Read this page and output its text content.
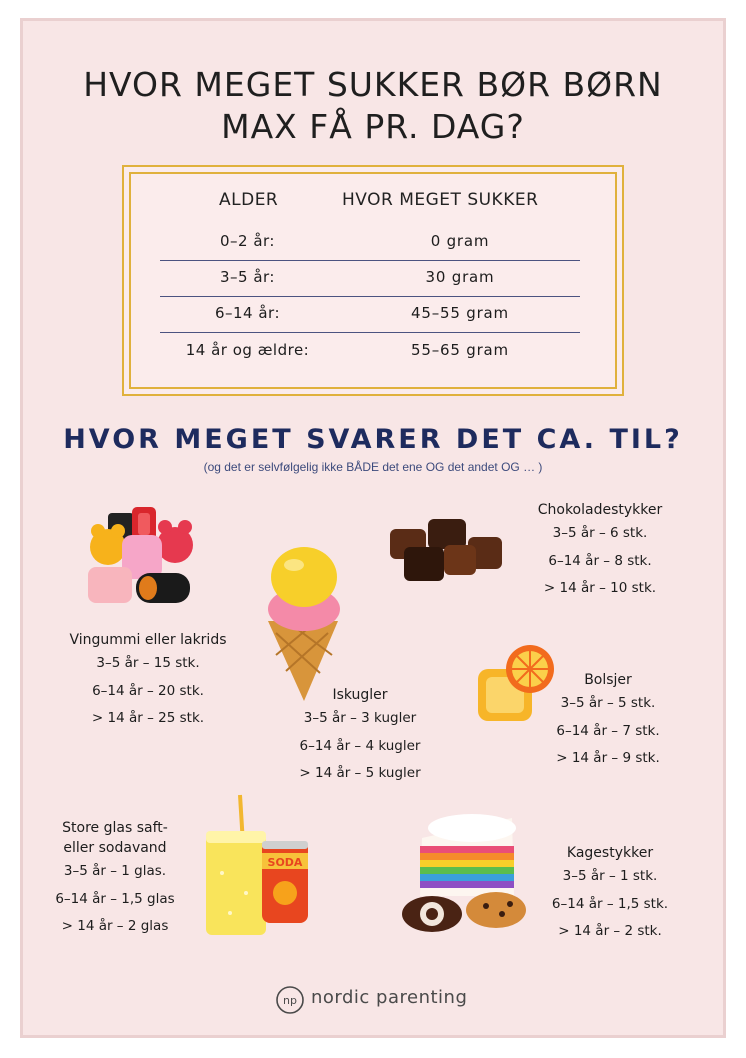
HVOR MEGET SUKKER BØR BØRN
MAX FÅ PR. DAG?
ALDER	HVOR MEGET SUKKER
0–2 år:	0 gram
3–5 år:	30 gram
6–14 år:	45–55 gram
14 år og ældre:	55–65 gram
HVOR MEGET SVARER DET CA. TIL?
(og det er selvfølgelig ikke BÅDE det ene OG det andet OG … )
SODA
Vingummi eller lakrids
3–5 år – 15 stk.
6–14 år – 20 stk.
> 14 år – 25 stk.
Chokoladestykker
3–5 år – 6 stk.
6–14 år – 8 stk.
> 14 år – 10 stk.
Iskugler
3–5 år – 3 kugler
6–14 år – 4 kugler
> 14 år – 5 kugler
Bolsjer
3–5 år – 5 stk.
6–14 år – 7 stk.
> 14 år – 9 stk.
Store glas saft-
eller sodavand
3–5 år – 1 glas.
6–14 år – 1,5 glas
> 14 år – 2 glas
Kagestykker
3–5 år – 1 stk.
6–14 år – 1,5 stk.
> 14 år – 2 stk.
np nordic parenting
